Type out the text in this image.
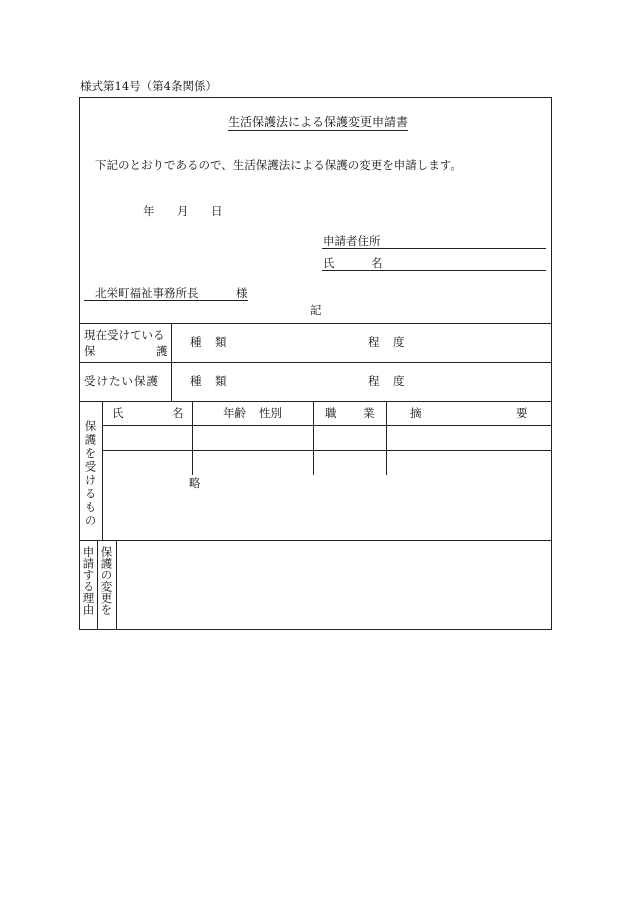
様式第14号（第4条関係）
生活保護法による保護変更申請書
下記のとおりであるので、生活保護法による保護の変更を申請します。
年 月 日
申請者住所
氏	名
北栄町福祉事務所長	様
記
現在受けている
保	護
種 類	程 度
受けたい保護	種 類	程 度
保護を受けるもの
氏	名	年齢 性別	職 業	摘	要
略
申請する理由 保護の変更を
